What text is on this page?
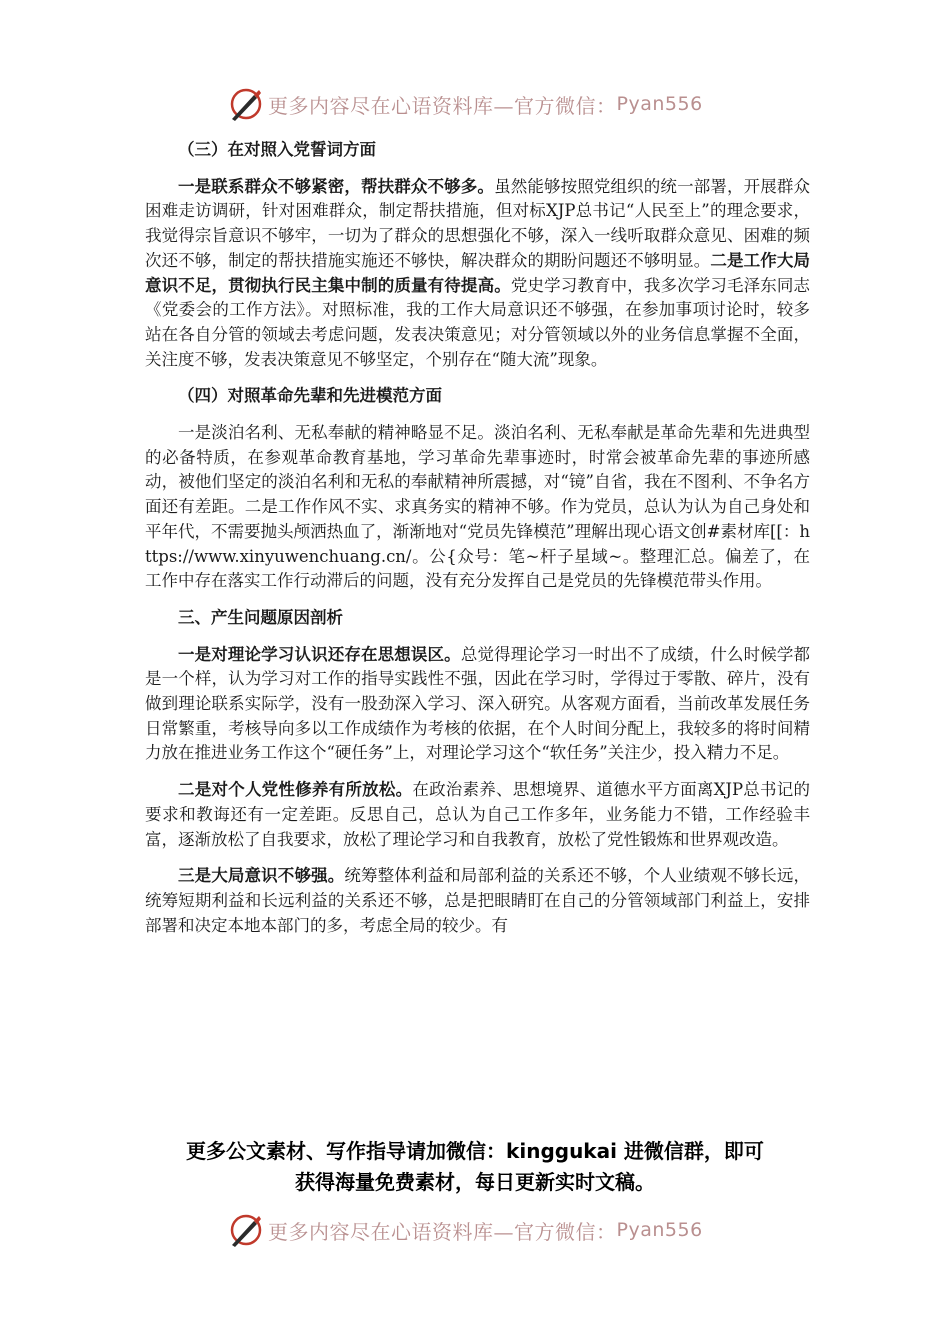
更多内容尽在心语资料库—官方微信： Pyan556

（三）在对照入党誓词方面

一是联系群众不够紧密，帮扶群众不够多。虽然能够按照党组织的统一部署，开展群众困难走访调研，针对困难群众，制定帮扶措施，但对标XJP总书记“人民至上”的理念要求，我觉得宗旨意识不够牢，一切为了群众的思想强化不够，深入一线听取群众意见、困难的频次还不够，制定的帮扶措施实施还不够快，解决群众的期盼问题还不够明显。二是工作大局意识不足，贯彻执行民主集中制的质量有待提高。党史学习教育中，我多次学习毛泽东同志《党委会的工作方法》。对照标准，我的工作大局意识还不够强，在参加事项讨论时，较多站在各自分管的领域去考虑问题，发表决策意见；对分管领域以外的业务信息掌握不全面，关注度不够，发表决策意见不够坚定，个别存在“随大流”现象。

（四）对照革命先辈和先进模范方面

一是淡泊名利、无私奉献的精神略显不足。淡泊名利、无私奉献是革命先辈和先进典型的必备特质，在参观革命教育基地，学习革命先辈事迹时，时常会被革命先辈的事迹所感动，被他们坚定的淡泊名利和无私的奉献精神所震撼，对“镜”自省，我在不图利、不争名方面还有差距。二是工作作风不实、求真务实的精神不够。作为党员，总认为认为自己身处和平年代，不需要抛头颅洒热血了，渐渐地对“党员先锋模范”理解出现心语文创#素材库[[：https://www.xinyuwenchuang.cn/。公{众号：笔~杆子星域~。整理汇总。偏差了，在工作中存在落实工作行动滞后的问题，没有充分发挥自己是党员的先锋模范带头作用。

三、产生问题原因剖析

一是对理论学习认识还存在思想误区。总觉得理论学习一时出不了成绩，什么时候学都是一个样，认为学习对工作的指导实践性不强，因此在学习时，学得过于零散、碎片，没有做到理论联系实际学，没有一股劲深入学习、深入研究。从客观方面看，当前改革发展任务日常繁重，考核导向多以工作成绩作为考核的依据，在个人时间分配上，我较多的将时间精力放在推进业务工作这个“硬任务”上，对理论学习这个“软任务”关注少，投入精力不足。

二是对个人党性修养有所放松。在政治素养、思想境界、道德水平方面离XJP总书记的要求和教诲还有一定差距。反思自己，总认为自己工作多年，业务能力不错，工作经验丰富，逐渐放松了自我要求，放松了理论学习和自我教育，放松了党性锻炼和世界观改造。

三是大局意识不够强。统筹整体利益和局部利益的关系还不够，个人业绩观不够长远，统筹短期利益和长远利益的关系还不够，总是把眼睛盯在自己的分管领域部门利益上，安排部署和决定本地本部门的多，考虑全局的较少。有

更多公文素材、写作指导请加微信：kinggukai 进微信群，即可
获得海量免费素材，每日更新实时文稿。
更多内容尽在心语资料库—官方微信： Pyan556
